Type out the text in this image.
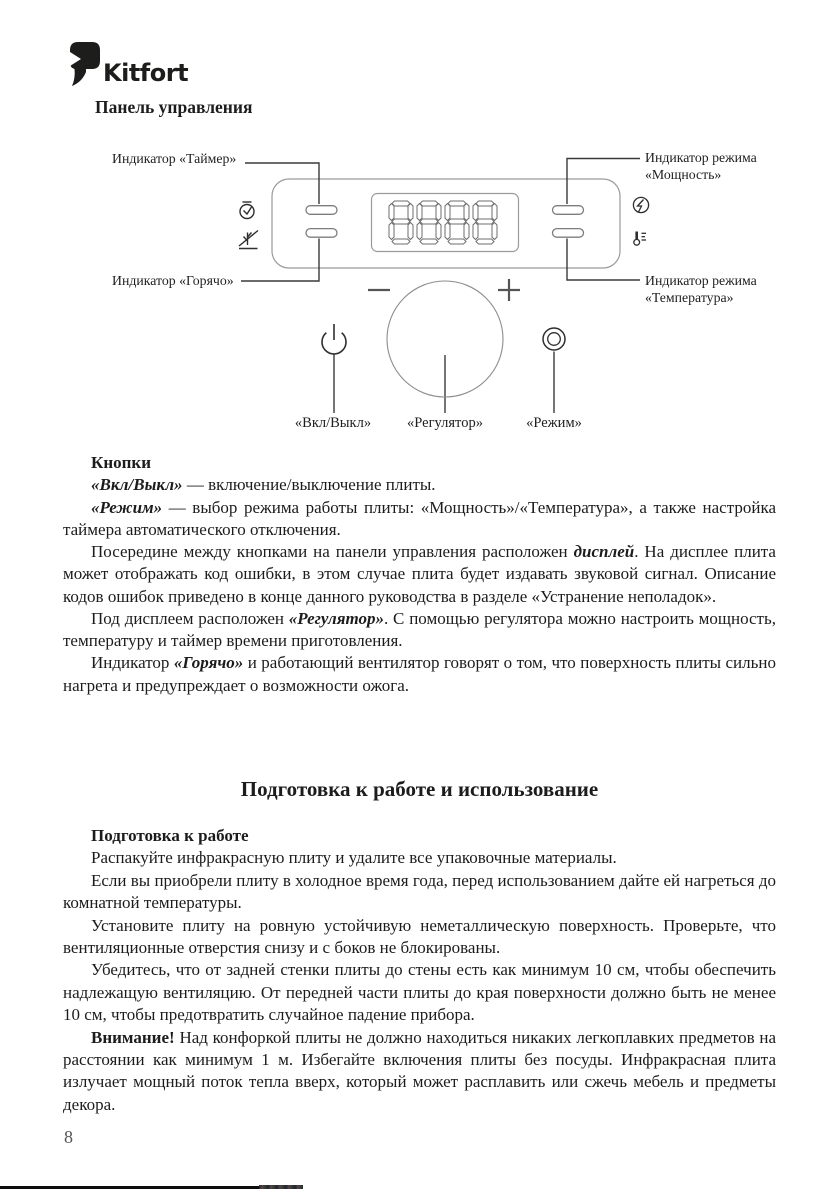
Kitfort
Панель управления
Индикатор «Таймер»
Индикатор «Горячо»
Индикатор режима
«Мощность»
Индикатор режима
«Температура»
«Вкл/Выкл»	«Регулятор»	«Режим»
Кнопки

«Вкл/Выкл» — включение/выключение плиты.

«Режим» — выбор режима работы плиты: «Мощность»/«Температура», а также настройка таймера автоматического отключения.

Посередине между кнопками на панели управления расположен дисплей. На дисплее плита может отображать код ошибки, в этом случае плита будет издавать звуковой сигнал. Описание кодов ошибок приведено в конце данного руководства в разделе «Устранение неполадок».

Под дисплеем расположен «Регулятор». С помощью регулятора можно настроить мощность, температуру и таймер времени приготовления.

Индикатор «Горячо» и работающий вентилятор говорят о том, что поверхность плиты сильно нагрета и предупреждает о возможности ожога.

Подготовка к работе и использование
Подготовка к работе

Распакуйте инфракрасную плиту и удалите все упаковочные материалы.

Если вы приобрели плиту в холодное время года, перед использованием дайте ей нагреться до комнатной температуры.

Установите плиту на ровную устойчивую неметаллическую поверхность. Проверьте, что вентиляционные отверстия снизу и с боков не блокированы.

Убедитесь, что от задней стенки плиты до стены есть как минимум 10 см, чтобы обеспечить надлежащую вентиляцию. От передней части плиты до края поверхности должно быть не менее 10 см, чтобы предотвратить случайное падение прибора.

Внимание! Над конфоркой плиты не должно находиться никаких легкоплавких предметов на расстоянии как минимум 1 м. Избегайте включения плиты без посуды. Инфракрасная плита излучает мощный поток тепла вверх, который может расплавить или сжечь мебель и предметы декора.

8
